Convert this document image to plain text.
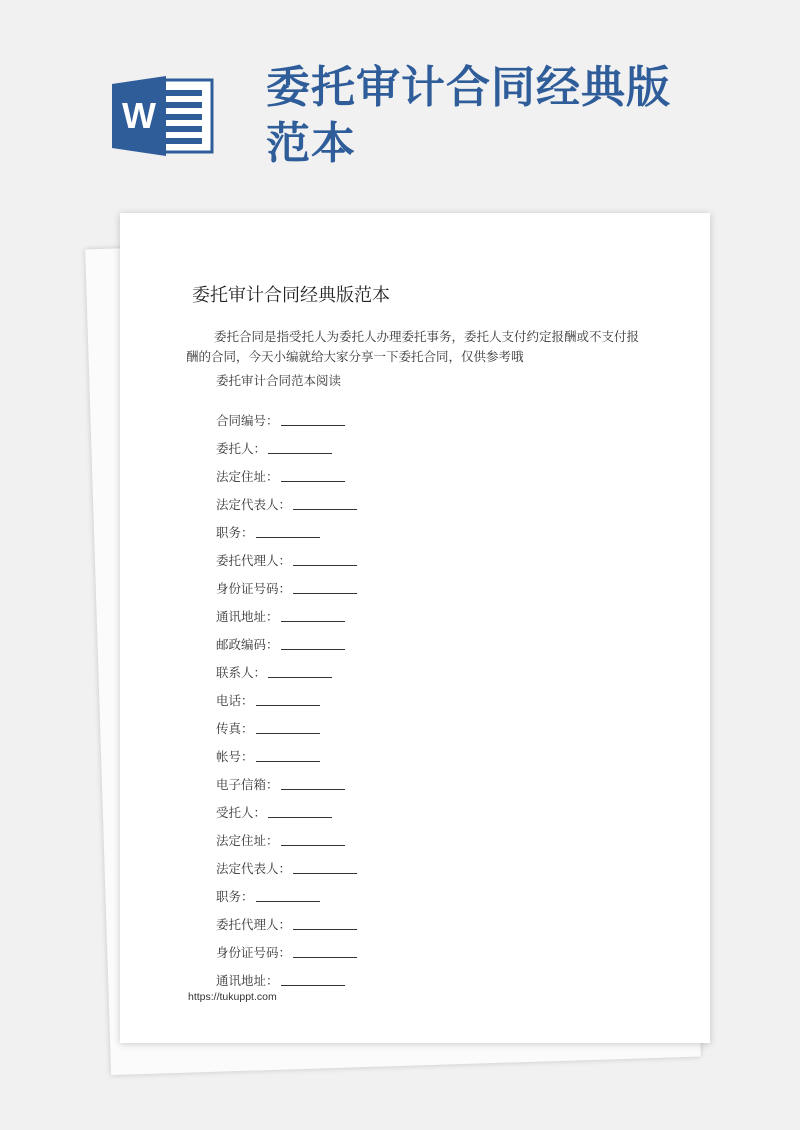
W
委托审计合同经典版范本
委托审计合同经典版范本

委托合同是指受托人为委托人办理委托事务，委托人支付约定报酬或不支付报酬的合同，今天小编就给大家分享一下委托合同，仅供参考哦

委托审计合同范本阅读
合同编号：
委托人：
法定住址：
法定代表人：
职务：
委托代理人：
身份证号码：
通讯地址：
邮政编码：
联系人：
电话：
传真：
帐号：
电子信箱：
受托人：
法定住址：
法定代表人：
职务：
委托代理人：
身份证号码：
通讯地址：
https://tukuppt.com
